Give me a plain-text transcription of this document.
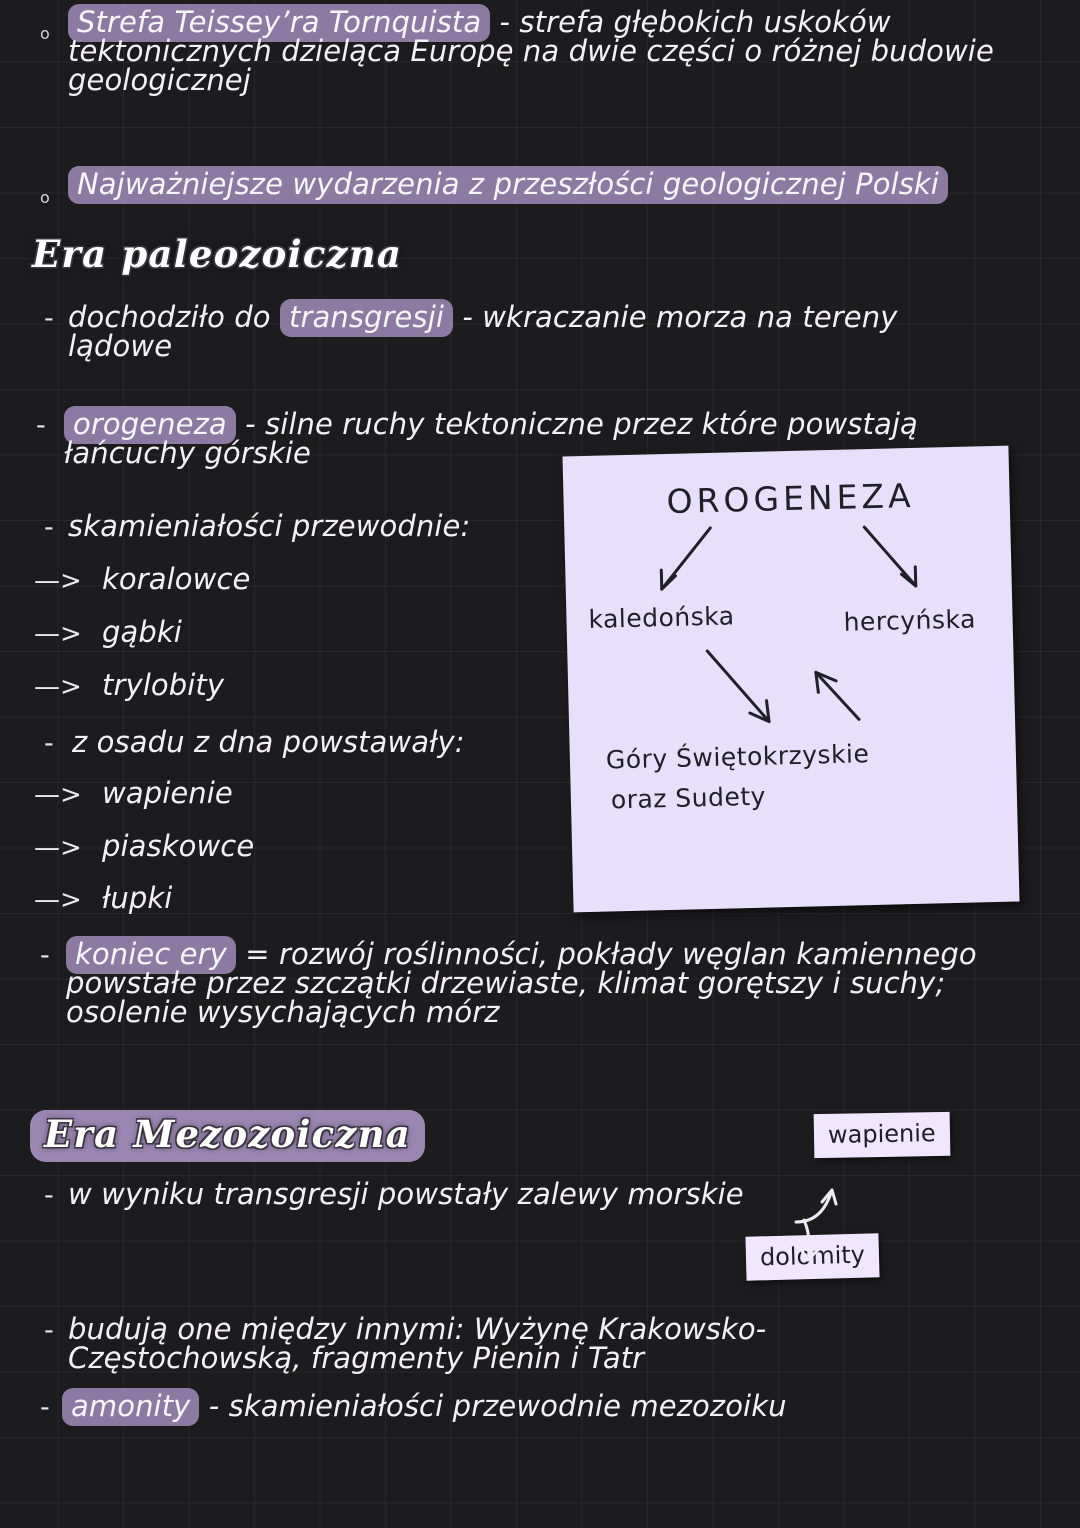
o Strefa Teissey’ra Tornquista - strefa głębokich uskoków tektonicznych dzieląca Europę na dwie części o różnej budowie geologicznej
o Najważniejsze wydarzenia z przeszłości geologicznej Polski
Era paleozoiczna
- dochodziło do transgresji - wkraczanie morza na tereny lądowe
- orogeneza - silne ruchy tektoniczne przez które powstają łańcuchy górskie
- skamieniałości przewodnie:
—> koralowce
—> gąbki
—> trylobity
- z osadu z dna powstawały:
—> wapienie
—> piaskowce
—> łupki
- koniec ery = rozwój roślinności, pokłady węglan kamiennego powstałe przez szczątki drzewiaste, klimat gorętszy i suchy; osolenie wysychających mórz
Era Mezozoiczna
- w wyniku transgresji powstały zalewy morskie
- budują one między innymi: Wyżynę Krakowsko-Częstochowską, fragmenty Pienin i Tatr
- amonity - skamieniałości przewodnie mezozoiku
OROGENEZA
kaledońska	hercyńska
Góry Świętokrzyskie
oraz Sudety
wapienie
dolomity
